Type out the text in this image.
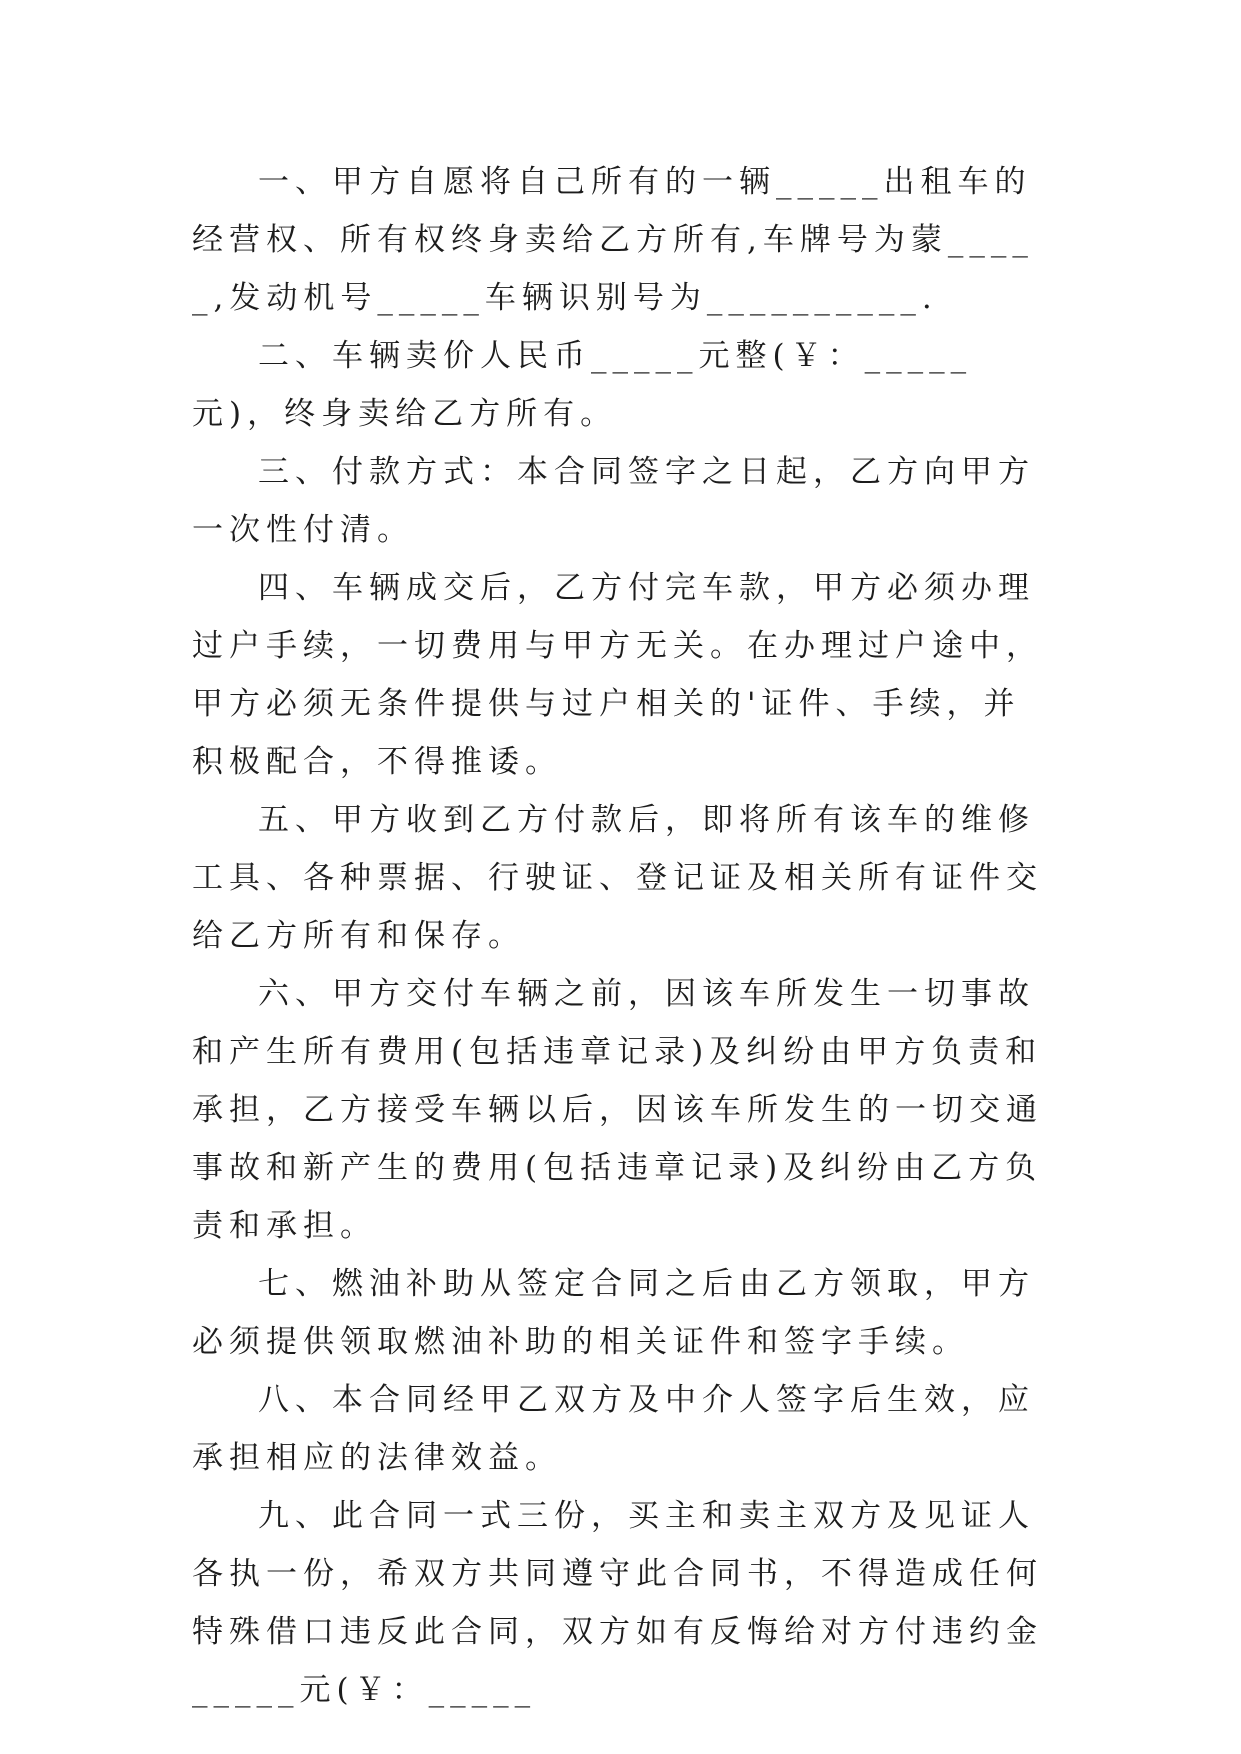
一、甲方自愿将自己所有的一辆_____出租车的经营权、所有权终身卖给乙方所有,车牌号为蒙_____,发动机号_____车辆识别号为__________.

二、车辆卖价人民币_____元整(￥：_____元)，终身卖给乙方所有。

三、付款方式：本合同签字之日起，乙方向甲方一次性付清。

四、车辆成交后，乙方付完车款，甲方必须办理过户手续，一切费用与甲方无关。在办理过户途中，甲方必须无条件提供与过户相关的'证件、手续，并积极配合，不得推诿。

五、甲方收到乙方付款后，即将所有该车的维修工具、各种票据、行驶证、登记证及相关所有证件交给乙方所有和保存。

六、甲方交付车辆之前，因该车所发生一切事故和产生所有费用(包括违章记录)及纠纷由甲方负责和承担，乙方接受车辆以后，因该车所发生的一切交通事故和新产生的费用(包括违章记录)及纠纷由乙方负责和承担。

七、燃油补助从签定合同之后由乙方领取，甲方必须提供领取燃油补助的相关证件和签字手续。

八、本合同经甲乙双方及中介人签字后生效，应承担相应的法律效益。

九、此合同一式三份，买主和卖主双方及见证人各执一份，希双方共同遵守此合同书，不得造成任何特殊借口违反此合同，双方如有反悔给对方付违约金_____元(￥：_____
